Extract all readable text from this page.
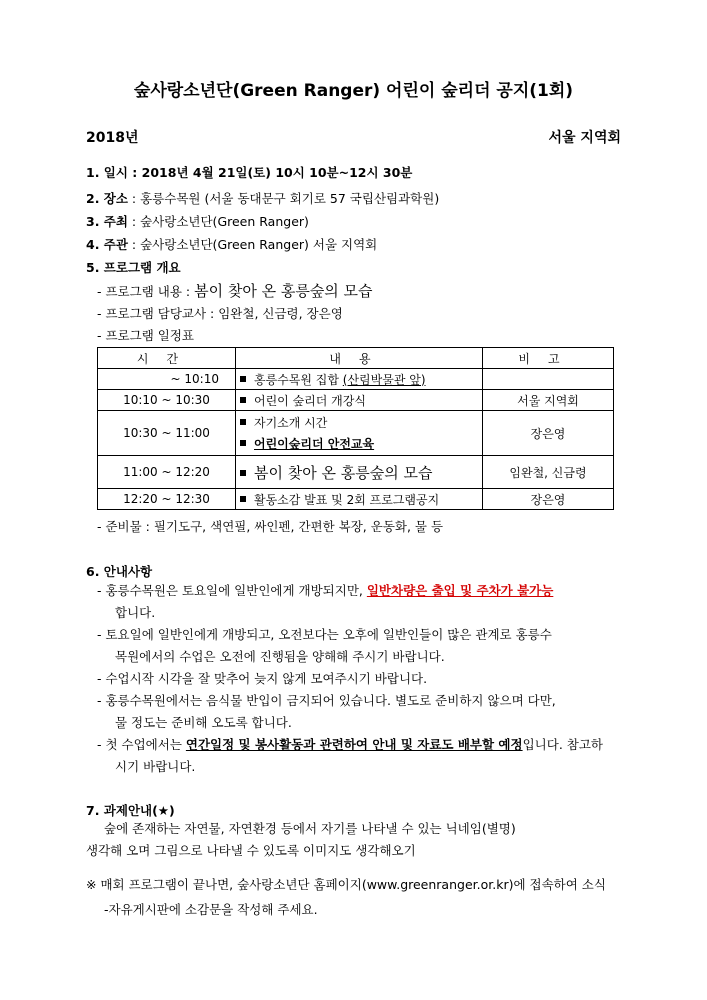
숲사랑소년단(Green Ranger) 어린이 숲리더 공지(1회)
2018년	서울 지역회
1. 일시 : 2018년 4월 21일(토) 10시 10분~12시 30분
2. 장소 : 홍릉수목원 (서울 동대문구 회기로 57 국립산림과학원)
3. 주최 : 숲사랑소년단(Green Ranger)
4. 주관 : 숲사랑소년단(Green Ranger) 서울 지역회
5. 프로그램 개요
- 프로그램 내용 : 봄이 찾아 온 홍릉숲의 모습
- 프로그램 담당교사 : 임완철, 신금령, 장은영
- 프로그램 일정표
시간	내용	비고
~ 10:10	홍릉수목원 집합 (산림박물관 앞)	
10:10 ~ 10:30	어린이 숲리더 개강식	서울 지역회
10:30 ~ 11:00	자기소개 시간
어린이숲리더 안전교육	장은영
11:00 ~ 12:20	봄이 찾아 온 홍릉숲의 모습	임완철, 신금령
12:20 ~ 12:30	활동소감 발표 및 2회 프로그램공지	장은영
- 준비물 : 필기도구, 색연필, 싸인펜, 간편한 복장, 운동화, 물 등
6. 안내사항
- 홍릉수목원은 토요일에 일반인에게 개방되지만, 일반차량은 출입 및 주차가 불가능
합니다.
- 토요일에 일반인에게 개방되고, 오전보다는 오후에 일반인들이 많은 관계로 홍릉수
목원에서의 수업은 오전에 진행됨을 양해해 주시기 바랍니다.
- 수업시작 시각을 잘 맞추어 늦지 않게 모여주시기 바랍니다.
- 홍릉수목원에서는 음식물 반입이 금지되어 있습니다. 별도로 준비하지 않으며 다만,
물 정도는 준비해 오도록 합니다.
- 첫 수업에서는 연간일정 및 봉사활동과 관련하여 안내 및 자료도 배부할 예정입니다. 참고하
시기 바랍니다.
7. 과제안내(★)
숲에 존재하는 자연물, 자연환경 등에서 자기를 나타낼 수 있는 닉네임(별명)
생각해 오며 그림으로 나타낼 수 있도록 이미지도 생각해오기
※ 매회 프로그램이 끝나면, 숲사랑소년단 홈페이지(www.greenranger.or.kr)에 접속하여 소식
-자유게시판에 소감문을 작성해 주세요.
